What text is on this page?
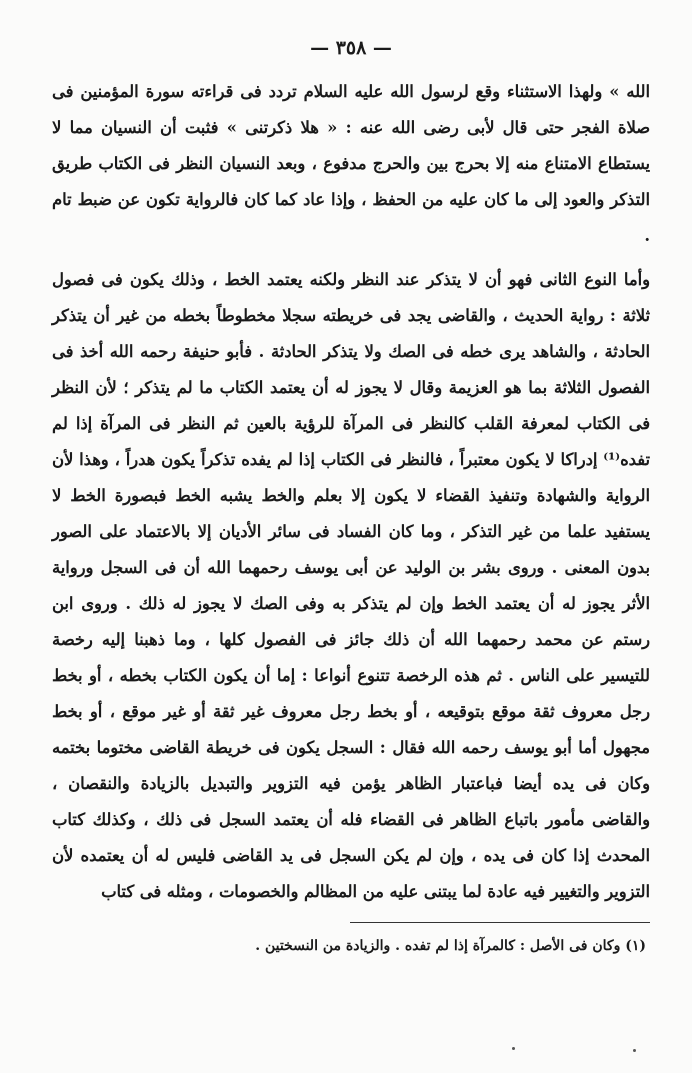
— ٣٥٨ —

الله » ولهذا الاستثناء وقع لرسول الله عليه السلام تردد فى قراءته سورة المؤمنين فى صلاة الفجر حتى قال لأبى رضى الله عنه : « هلا ذكرتنى » فثبت أن النسيان مما لا يستطاع الامتناع منه إلا بحرج بين والحرج مدفوع ، وبعد النسيان النظر فى الكتاب طريق التذكر والعود إلى ما كان عليه من الحفظ ، وإذا عاد كما كان فالرواية تكون عن ضبط تام .

وأما النوع الثانى فهو أن لا يتذكر عند النظر ولكنه يعتمد الخط ، وذلك يكون فى فصول ثلاثة : رواية الحديث ، والقاضى يجد فى خريطته سجلا مخطوطاً بخطه من غير أن يتذكر الحادثة ، والشاهد يرى خطه فى الصك ولا يتذكر الحادثة . فأبو حنيفة رحمه الله أخذ فى الفصول الثلاثة بما هو العزيمة وقال لا يجوز له أن يعتمد الكتاب ما لم يتذكر ؛ لأن النظر فى الكتاب لمعرفة القلب كالنظر فى المرآة للرؤية بالعين ثم النظر فى المرآة إذا لم تفده⁽¹⁾ إدراكا لا يكون معتبراً ، فالنظر فى الكتاب إذا لم يفده تذكراً يكون هدراً ، وهذا لأن الرواية والشهادة وتنفيذ القضاء لا يكون إلا بعلم والخط يشبه الخط فبصورة الخط لا يستفيد علما من غير التذكر ، وما كان الفساد فى سائر الأديان إلا بالاعتماد على الصور بدون المعنى . وروى بشر بن الوليد عن أبى يوسف رحمهما الله أن فى السجل ورواية الأثر يجوز له أن يعتمد الخط وإن لم يتذكر به وفى الصك لا يجوز له ذلك . وروى ابن رستم عن محمد رحمهما الله أن ذلك جائز فى الفصول كلها ، وما ذهبنا إليه رخصة للتيسير على الناس . ثم هذه الرخصة تتنوع أنواعا : إما أن يكون الكتاب بخطه ، أو بخط رجل معروف ثقة موقع بتوقيعه ، أو بخط رجل معروف غير ثقة أو غير موقع ، أو بخط مجهول أما أبو يوسف رحمه الله فقال : السجل يكون فى خريطة القاضى مختوما بختمه وكان فى يده أيضا فباعتبار الظاهر يؤمن فيه التزوير والتبديل بالزيادة والنقصان ، والقاضى مأمور باتباع الظاهر فى القضاء فله أن يعتمد السجل فى ذلك ، وكذلك كتاب المحدث إذا كان فى يده ، وإن لم يكن السجل فى يد القاضى فليس له أن يعتمده لأن التزوير والتغيير فيه عادة لما يبتنى عليه من المظالم والخصومات ، ومثله فى كتاب

(١) وكان فى الأصل : كالمرآة إذا لم تفده . والزيادة من النسختين .
